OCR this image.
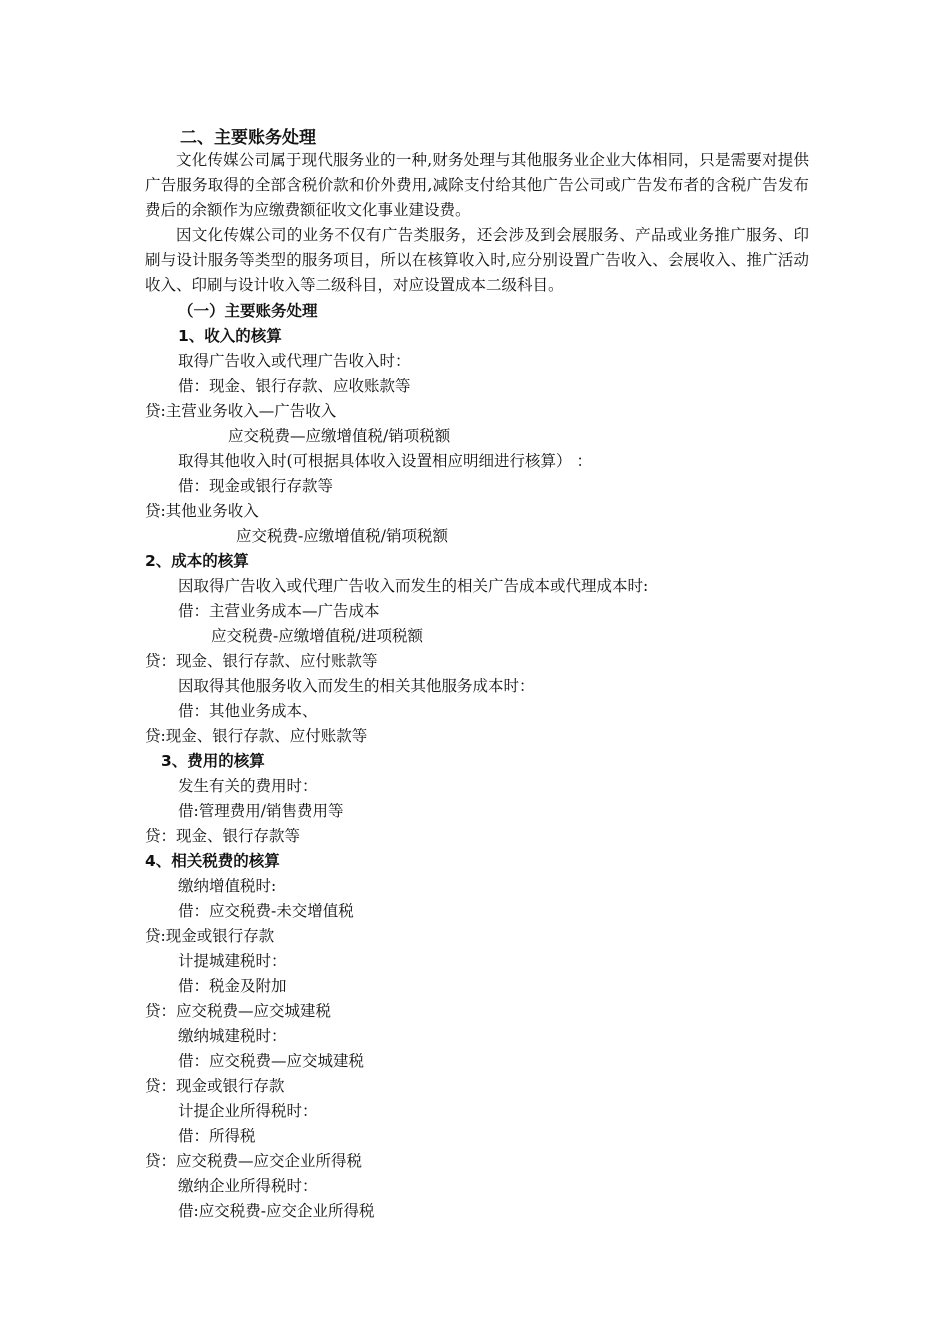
二、主要账务处理

文化传媒公司属于现代服务业的一种,财务处理与其他服务业企业大体相同，只是需要对提供广告服务取得的全部含税价款和价外费用,减除支付给其他广告公司或广告发布者的含税广告发布费后的余额作为应缴费额征收文化事业建设费。

因文化传媒公司的业务不仅有广告类服务，还会涉及到会展服务、产品或业务推广服务、印刷与设计服务等类型的服务项目，所以在核算收入时,应分别设置广告收入、会展收入、推广活动收入、印刷与设计收入等二级科目，对应设置成本二级科目。

（一）主要账务处理
1、收入的核算
取得广告收入或代理广告收入时：
借：现金、银行存款、应收账款等
贷:主营业务收入—广告收入
应交税费—应缴增值税/销项税额
取得其他收入时(可根据具体收入设置相应明细进行核算） ：
借：现金或银行存款等
贷:其他业务收入
应交税费-应缴增值税/销项税额
2、成本的核算
因取得广告收入或代理广告收入而发生的相关广告成本或代理成本时:
借：主营业务成本—广告成本
应交税费-应缴增值税/进项税额
贷：现金、银行存款、应付账款等
因取得其他服务收入而发生的相关其他服务成本时：
借：其他业务成本、
贷:现金、银行存款、应付账款等
3、费用的核算
发生有关的费用时：
借:管理费用/销售费用等
贷：现金、银行存款等
4、相关税费的核算
缴纳增值税时:
借：应交税费-未交增值税
贷:现金或银行存款
计提城建税时：
借：税金及附加
贷：应交税费—应交城建税
缴纳城建税时：
借：应交税费—应交城建税
贷：现金或银行存款
计提企业所得税时：
借：所得税
贷：应交税费—应交企业所得税
缴纳企业所得税时：
借:应交税费-应交企业所得税
